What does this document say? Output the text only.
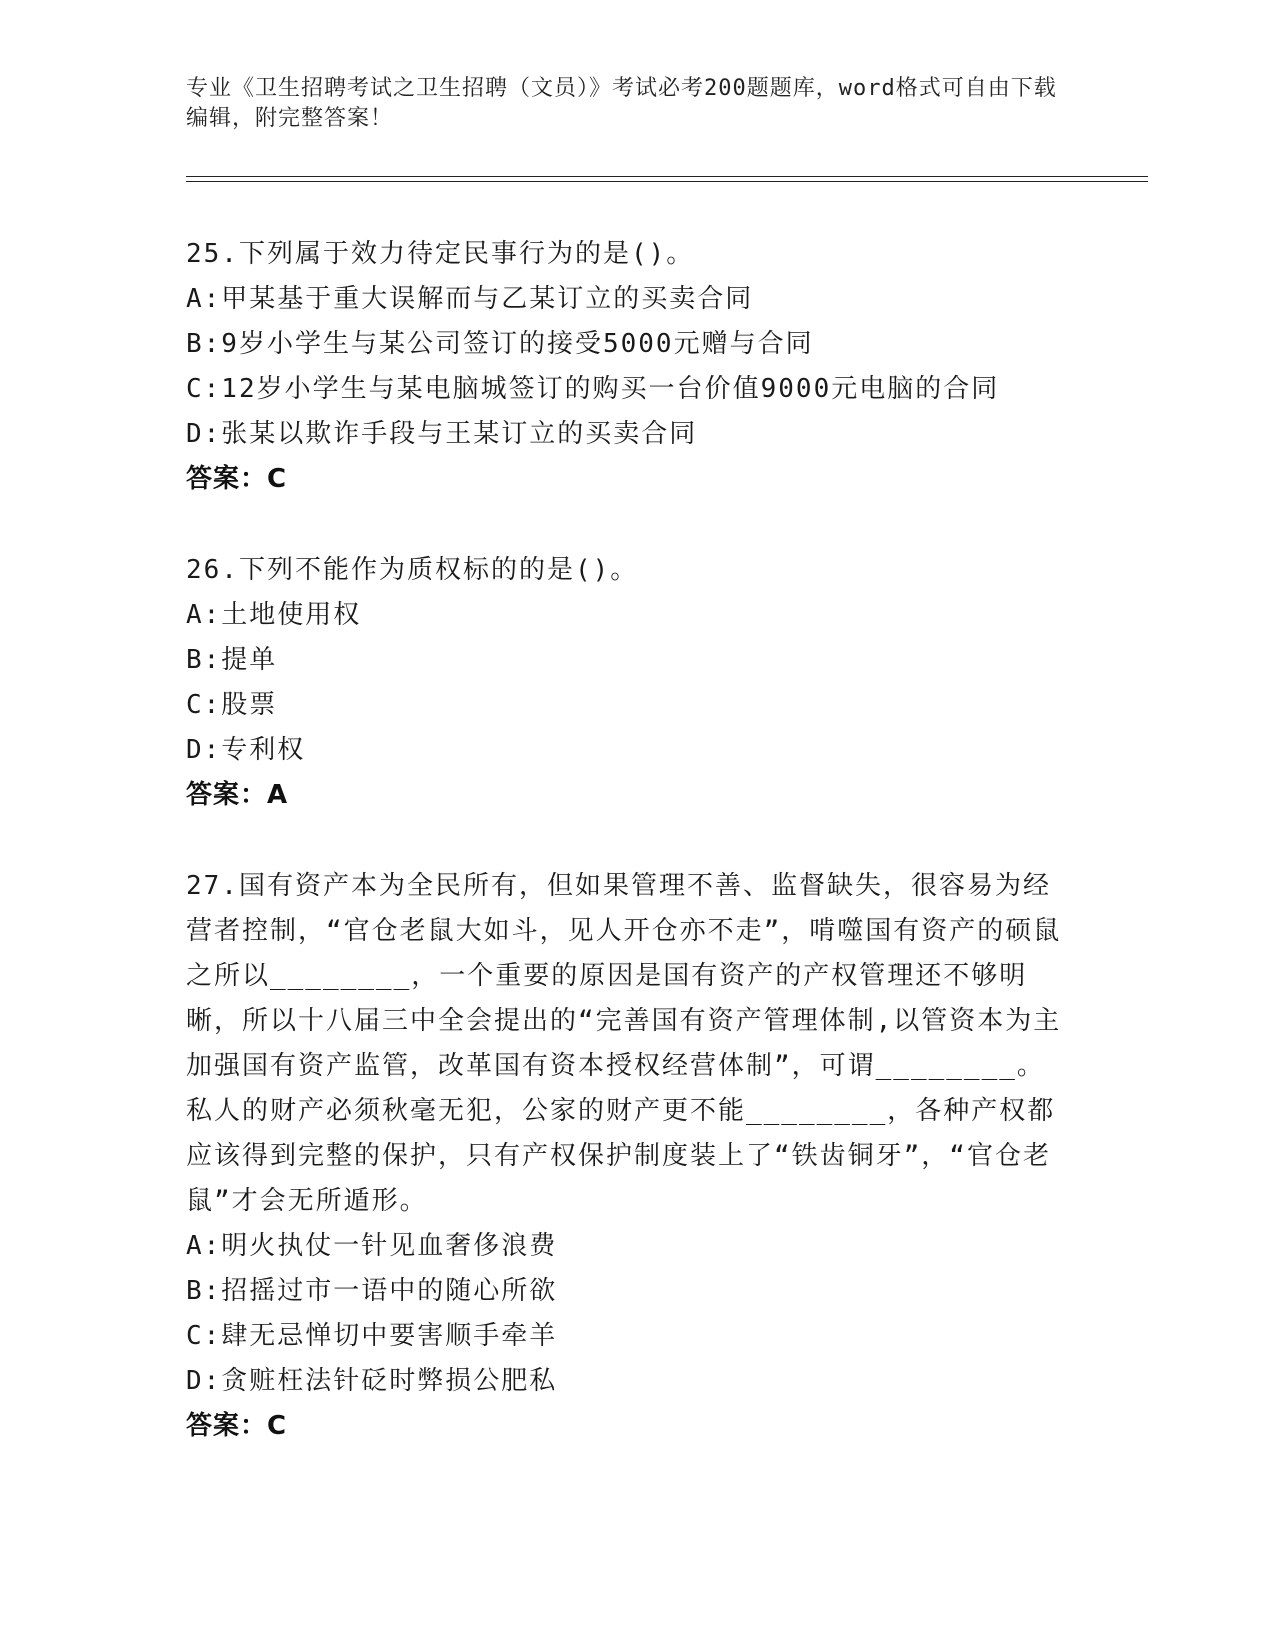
专业《卫生招聘考试之卫生招聘（文员）》考试必考200题题库，word格式可自由下载编辑，附完整答案！

25.下列属于效力待定民事行为的是()。

A:甲某基于重大误解而与乙某订立的买卖合同

B:9岁小学生与某公司签订的接受5000元赠与合同

C:12岁小学生与某电脑城签订的购买一台价值9000元电脑的合同

D:张某以欺诈手段与王某订立的买卖合同

答案：C

26.下列不能作为质权标的的是()。

A:土地使用权

B:提单

C:股票

D:专利权

答案：A

27.国有资产本为全民所有，但如果管理不善、监督缺失，很容易为经营者控制，“官仓老鼠大如斗，见人开仓亦不走”，啃噬国有资产的硕鼠之所以________，一个重要的原因是国有资产的产权管理还不够明晰，所以十八届三中全会提出的“完善国有资产管理体制,以管资本为主加强国有资产监管，改革国有资本授权经营体制”，可谓________。私人的财产必须秋毫无犯，公家的财产更不能________，各种产权都应该得到完整的保护，只有产权保护制度装上了“铁齿铜牙”，“官仓老鼠”才会无所遁形。

A:明火执仗一针见血奢侈浪费

B:招摇过市一语中的随心所欲

C:肆无忌惮切中要害顺手牵羊

D:贪赃枉法针砭时弊损公肥私

答案：C
